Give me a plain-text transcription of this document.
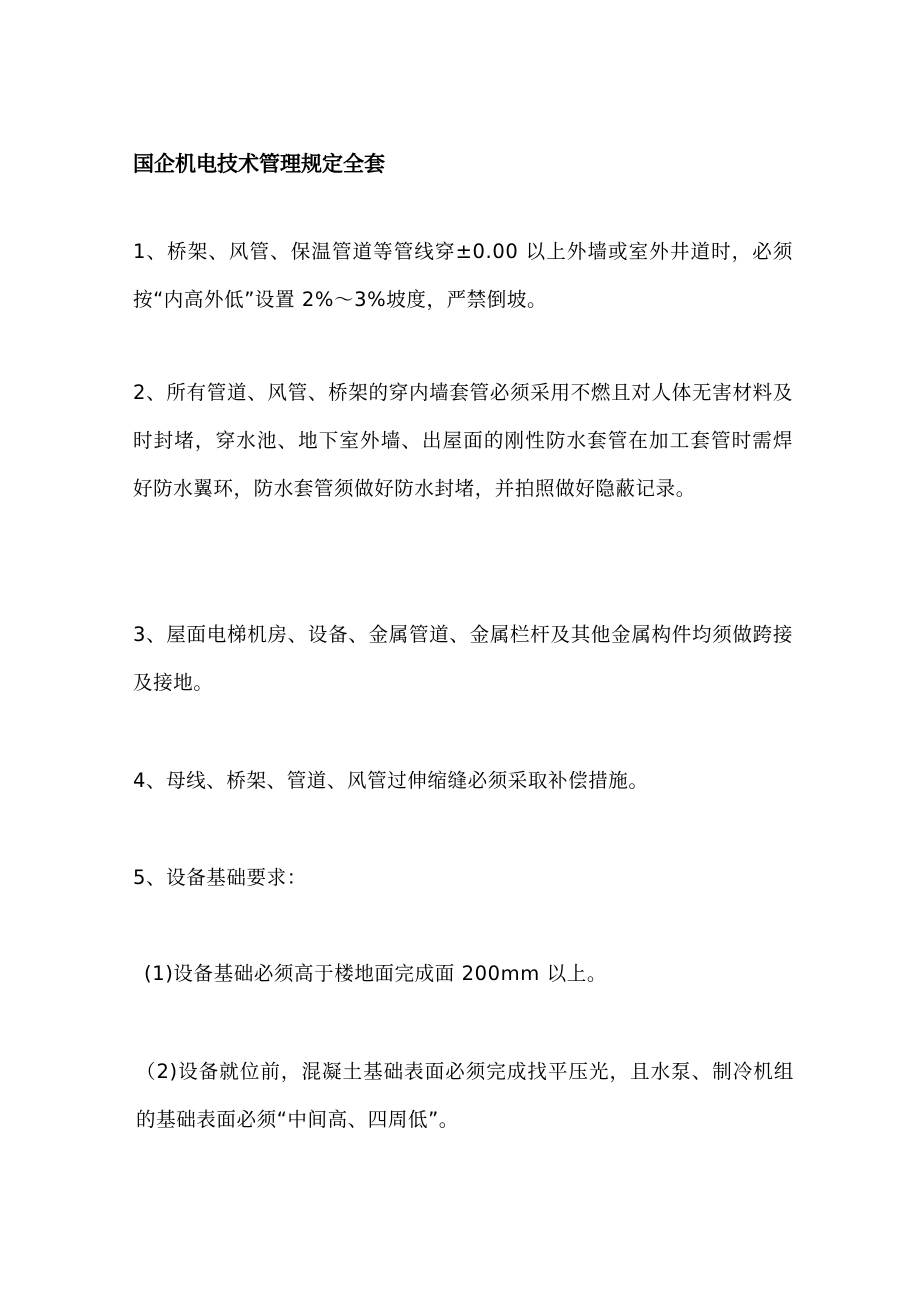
国企机电技术管理规定全套

1、桥架、风管、保温管道等管线穿±0.00 以上外墙或室外井道时，必须按“内高外低”设置 2%～3%坡度，严禁倒坡。

2、所有管道、风管、桥架的穿内墙套管必须采用不燃且对人体无害材料及时封堵，穿水池、地下室外墙、出屋面的刚性防水套管在加工套管时需焊好防水翼环，防水套管须做好防水封堵，并拍照做好隐蔽记录。

3、屋面电梯机房、设备、金属管道、金属栏杆及其他金属构件均须做跨接及接地。

4、母线、桥架、管道、风管过伸缩缝必须采取补偿措施。

5、设备基础要求：

(1)设备基础必须高于楼地面完成面 200mm 以上。

（2)设备就位前，混凝土基础表面必须完成找平压光，且水泵、制冷机组的基础表面必须“中间高、四周低”。
